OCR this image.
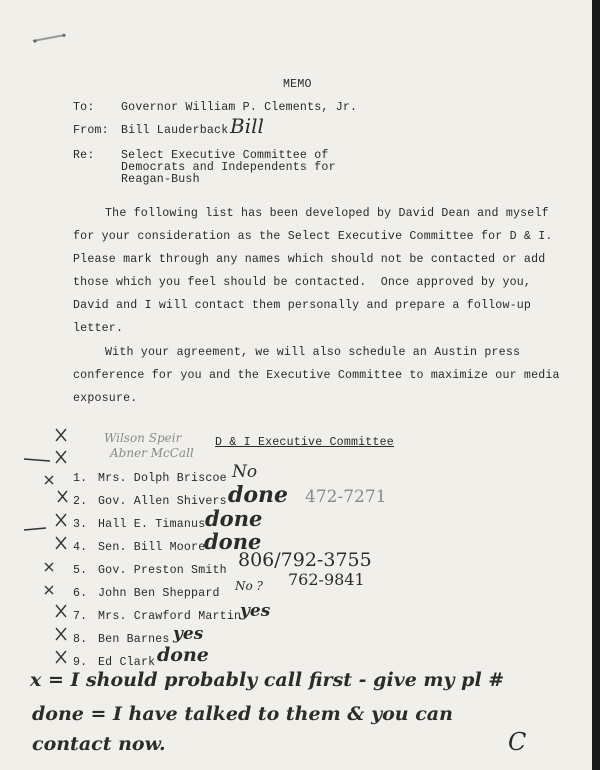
MEMO
To: Governor William P. Clements, Jr.
From: Bill Lauderback Bill
Re: Select Executive Committee of
Democrats and Independents for
Reagan-Bush
The following list has been developed by David Dean and myself
for your consideration as the Select Executive Committee for D & I.
Please mark through any names which should not be contacted or add
those which you feel should be contacted.  Once approved by you,
David and I will contact them personally and prepare a follow-up
letter.
With your agreement, we will also schedule an Austin press
conference for you and the Executive Committee to maximize our media
exposure.
Wilson Speir
Abner McCall
D & I Executive Committee
1. Mrs. Dolph Briscoe No
2. Gov. Allen Shivers done 472-7271
3. Hall E. Timanus done
4. Sen. Bill Moore
done
5. Gov. Preston Smith 806/792-3755
762-9841
6. John Ben Sheppard
No ?
7. Mrs. Crawford Martin
yes
8. Ben Barnes yes
9. Ed Clark done
x = I should probably call first - give my pl #
done = I have talked to them & you can
contact now.	C
